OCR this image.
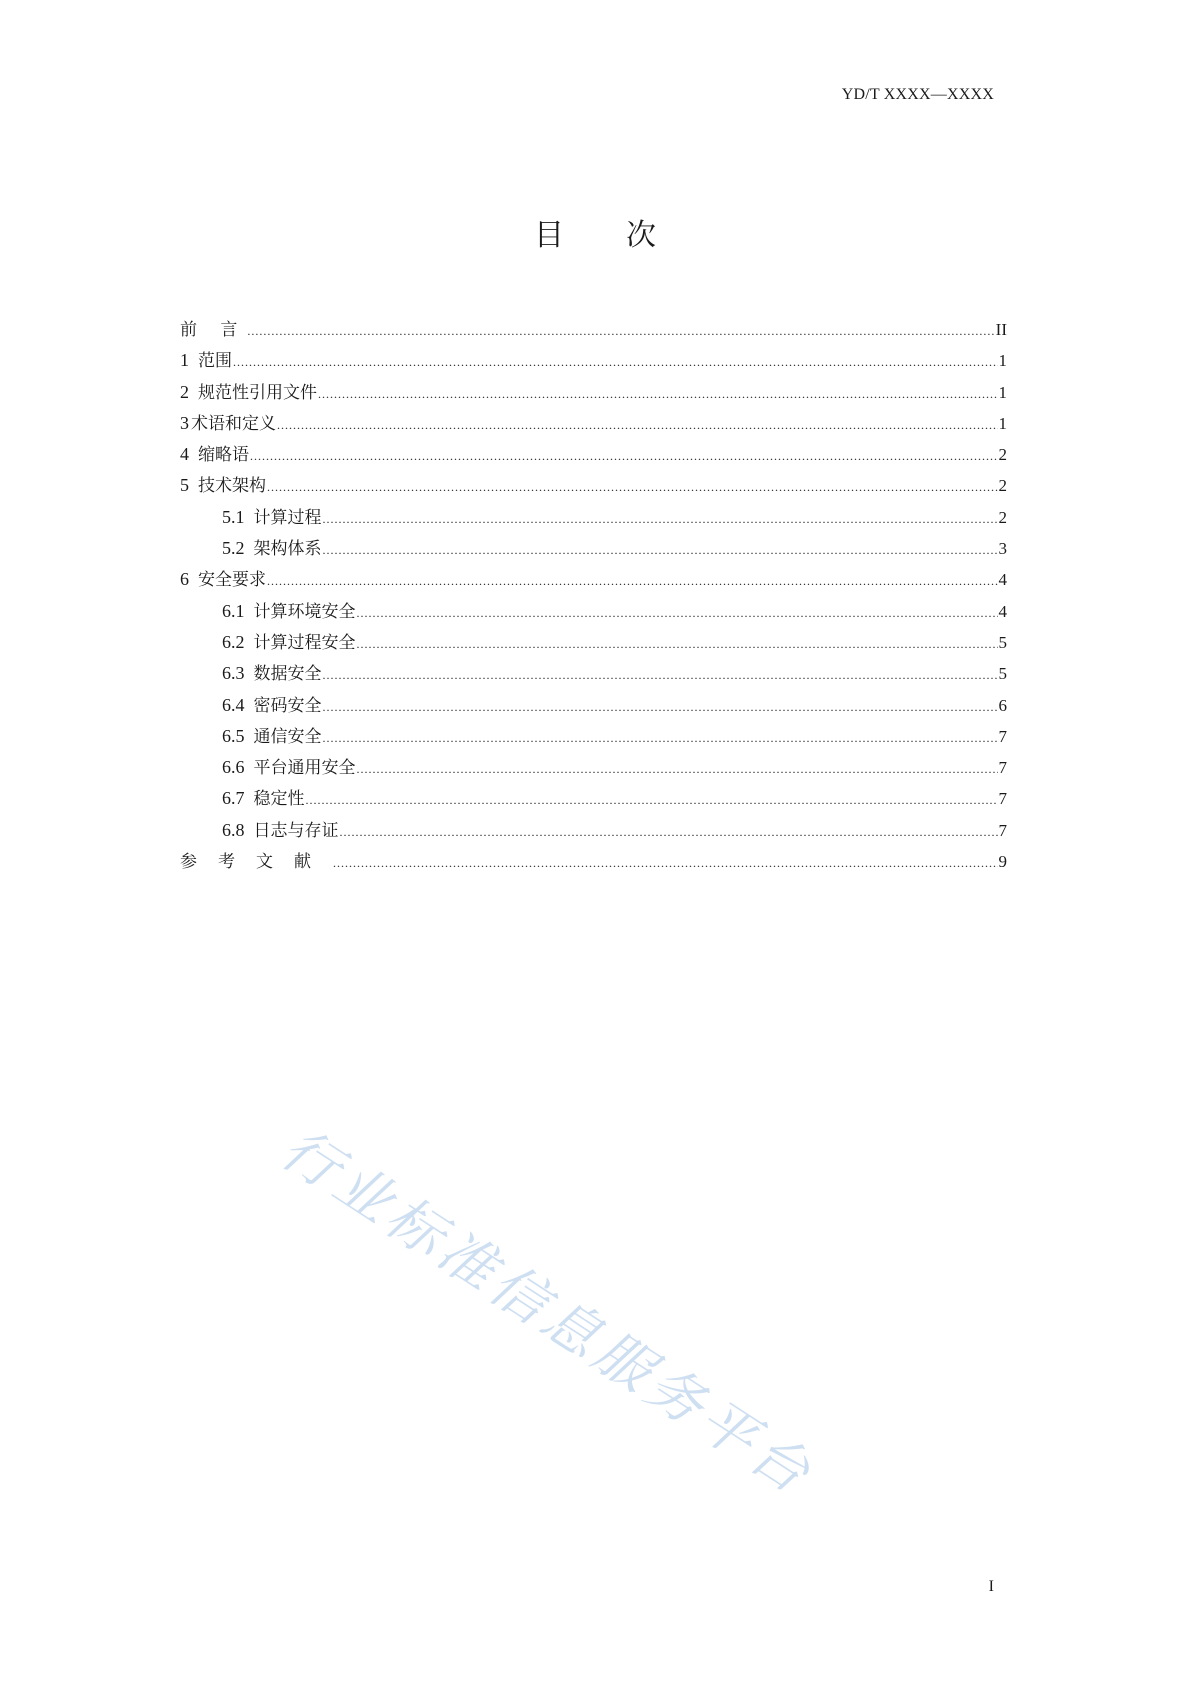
YD/T XXXX—XXXX
目 次
前 言 .....	II
1 范围 .....	1
2 规范性引用文件 .....	1
3 术语和定义 .....	1
4 缩略语 .....	2
5 技术架构 .....	2
5.1 计算过程 .....	2
5.2 架构体系 .....	3
6 安全要求 .....	4
6.1 计算环境安全 .....	4
6.2 计算过程安全 .....	5
6.3 数据安全 .....	5
6.4 密码安全 .....	6
6.5 通信安全 .....	7
6.6 平台通用安全 .....	7
6.7 稳定性 .....	7
6.8 日志与存证 .....	7
参考文献 .....	9
行业标准信息服务平台
I
